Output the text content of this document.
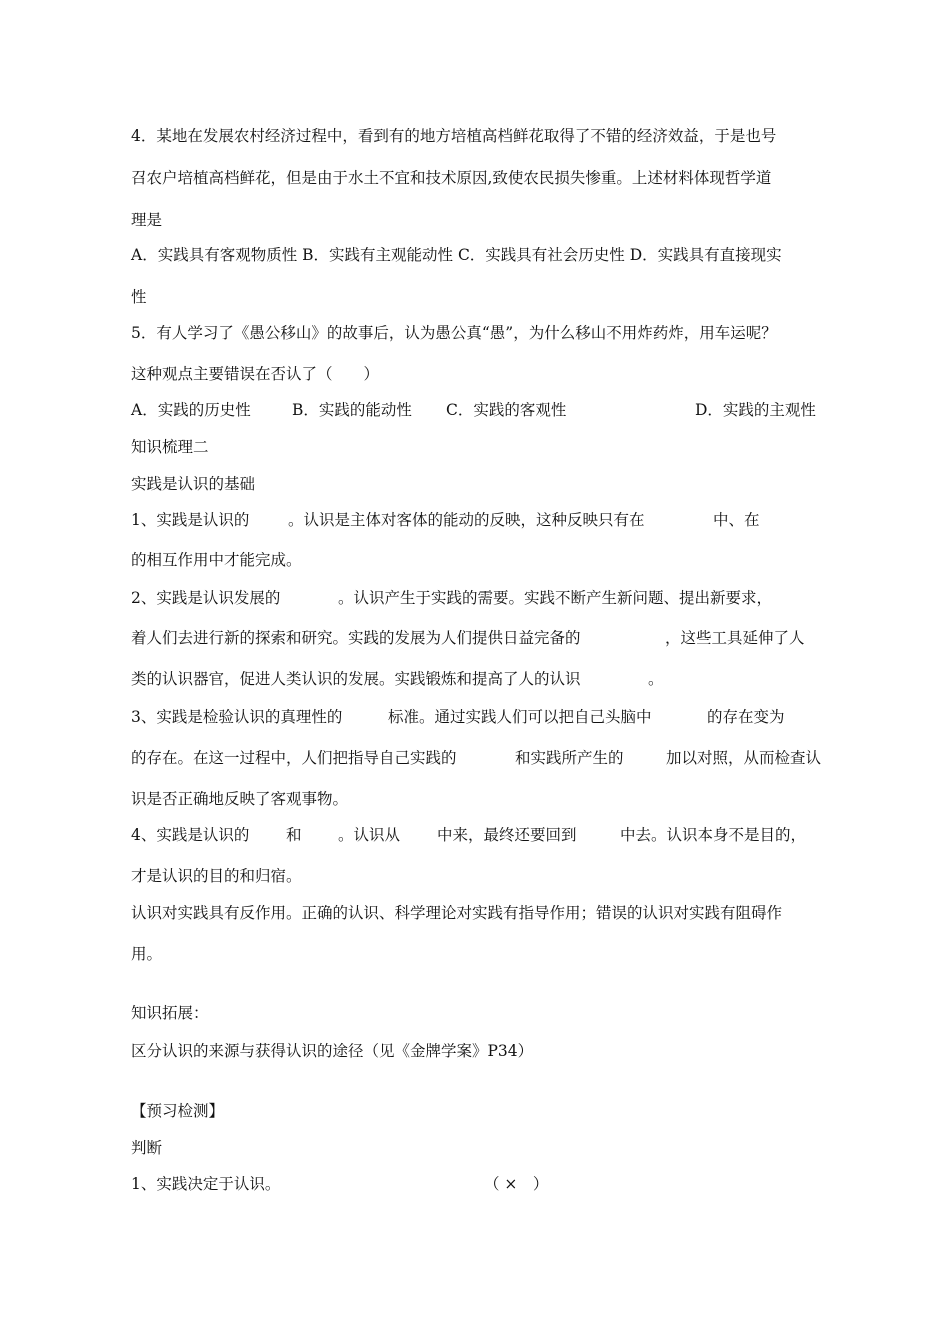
4．某地在发展农村经济过程中，看到有的地方培植高档鲜花取得了不错的经济效益，于是也号
召农户培植高档鲜花，但是由于水土不宜和技术原因,致使农民损失惨重。上述材料体现哲学道
理是
A．实践具有客观物质性 B．实践有主观能动性 C．实践具有社会历史性 D．实践具有直接现实
性
5．有人学习了《愚公移山》的故事后，认为愚公真“愚”，为什么移山不用炸药炸，用车运呢？
这种观点主要错误在否认了（　　）
A．实践的历史性	B．实践的能动性 C．实践的客观性	D．实践的主观性
知识梳理二
实践是认识的基础
1、实践是认识的 。认识是主体对客体的能动的反映，这种反映只有在	中、在
的相互作用中才能完成。
2、实践是认识发展的	。认识产生于实践的需要。实践不断产生新问题、提出新要求，
着人们去进行新的探索和研究。实践的发展为人们提供日益完备的	，这些工具延伸了人
类的认识器官，促进人类认识的发展。实践锻炼和提高了人的认识	。
3、实践是检验认识的真理性的	标准。通过实践人们可以把自己头脑中	的存在变为
的存在。在这一过程中，人们把指导自己实践的	和实践所产生的	加以对照，从而检查认
识是否正确地反映了客观事物。
4、实践是认识的 和 。认识从 中来，最终还要回到	中去。认识本身不是目的，
才是认识的目的和归宿。
认识对实践具有反作用。正确的认识、科学理论对实践有指导作用；错误的认识对实践有阻碍作
用。
知识拓展：
区分认识的来源与获得认识的途径（见《金牌学案》P34）
【预习检测】
判断
1、实践决定于认识。	（ ×　）
